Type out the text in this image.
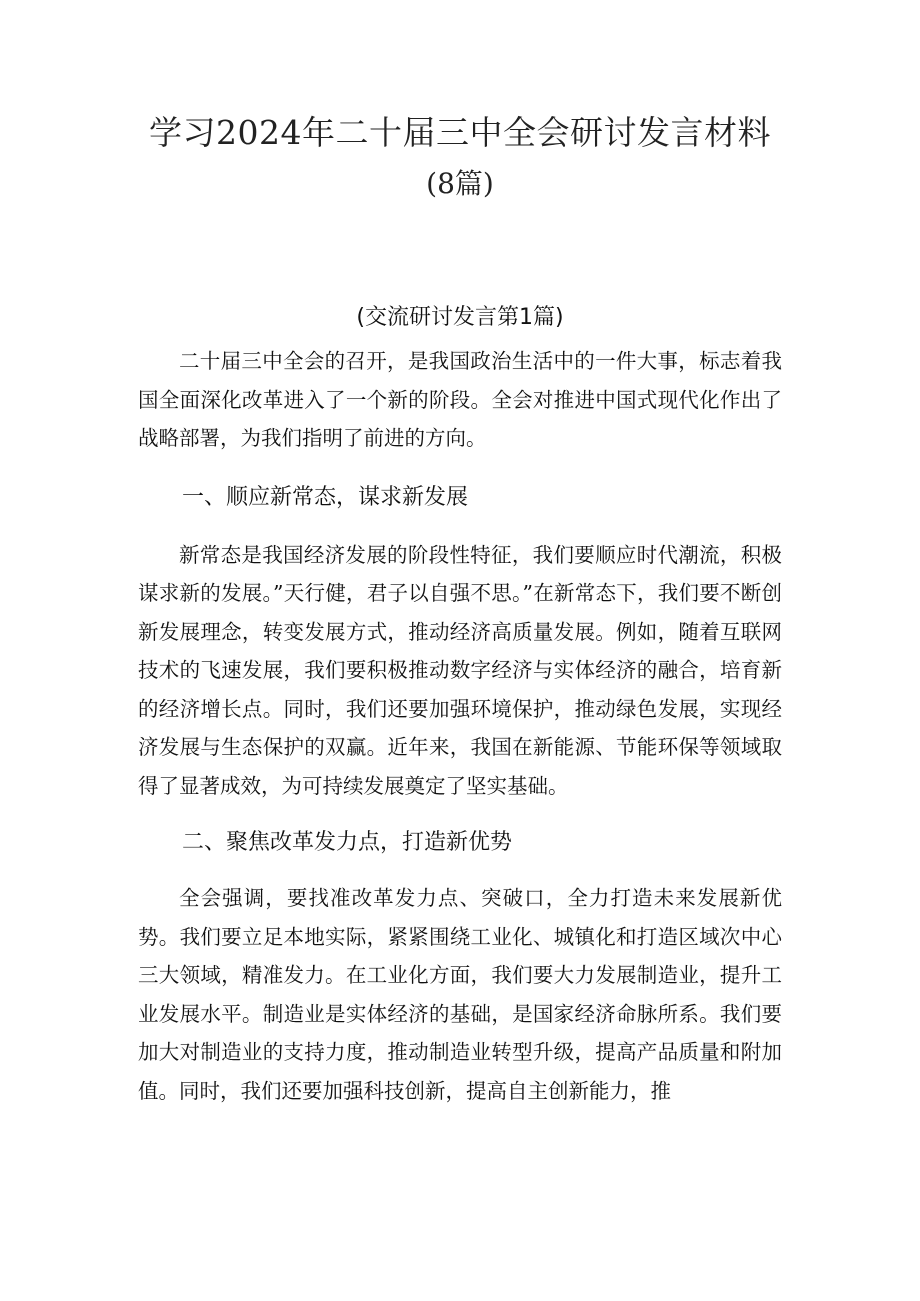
学习2024年二十届三中全会研讨发言材料
(8篇)
(交流研讨发言第1篇)

二十届三中全会的召开，是我国政治生活中的一件大事，标志着我国全面深化改革进入了一个新的阶段。全会对推进中国式现代化作出了战略部署，为我们指明了前进的方向。

一、顺应新常态，谋求新发展

新常态是我国经济发展的阶段性特征，我们要顺应时代潮流，积极谋求新的发展。”天行健，君子以自强不思。”在新常态下，我们要不断创新发展理念，转变发展方式，推动经济高质量发展。例如，随着互联网技术的飞速发展，我们要积极推动数字经济与实体经济的融合，培育新的经济增长点。同时，我们还要加强环境保护，推动绿色发展，实现经济发展与生态保护的双赢。近年来，我国在新能源、节能环保等领域取得了显著成效，为可持续发展奠定了坚实基础。

二、聚焦改革发力点，打造新优势

全会强调，要找准改革发力点、突破口，全力打造未来发展新优势。我们要立足本地实际，紧紧围绕工业化、城镇化和打造区域次中心三大领域，精准发力。在工业化方面，我们要大力发展制造业，提升工业发展水平。制造业是实体经济的基础，是国家经济命脉所系。我们要加大对制造业的支持力度，推动制造业转型升级，提高产品质量和附加值。同时，我们还要加强科技创新，提高自主创新能力，推
